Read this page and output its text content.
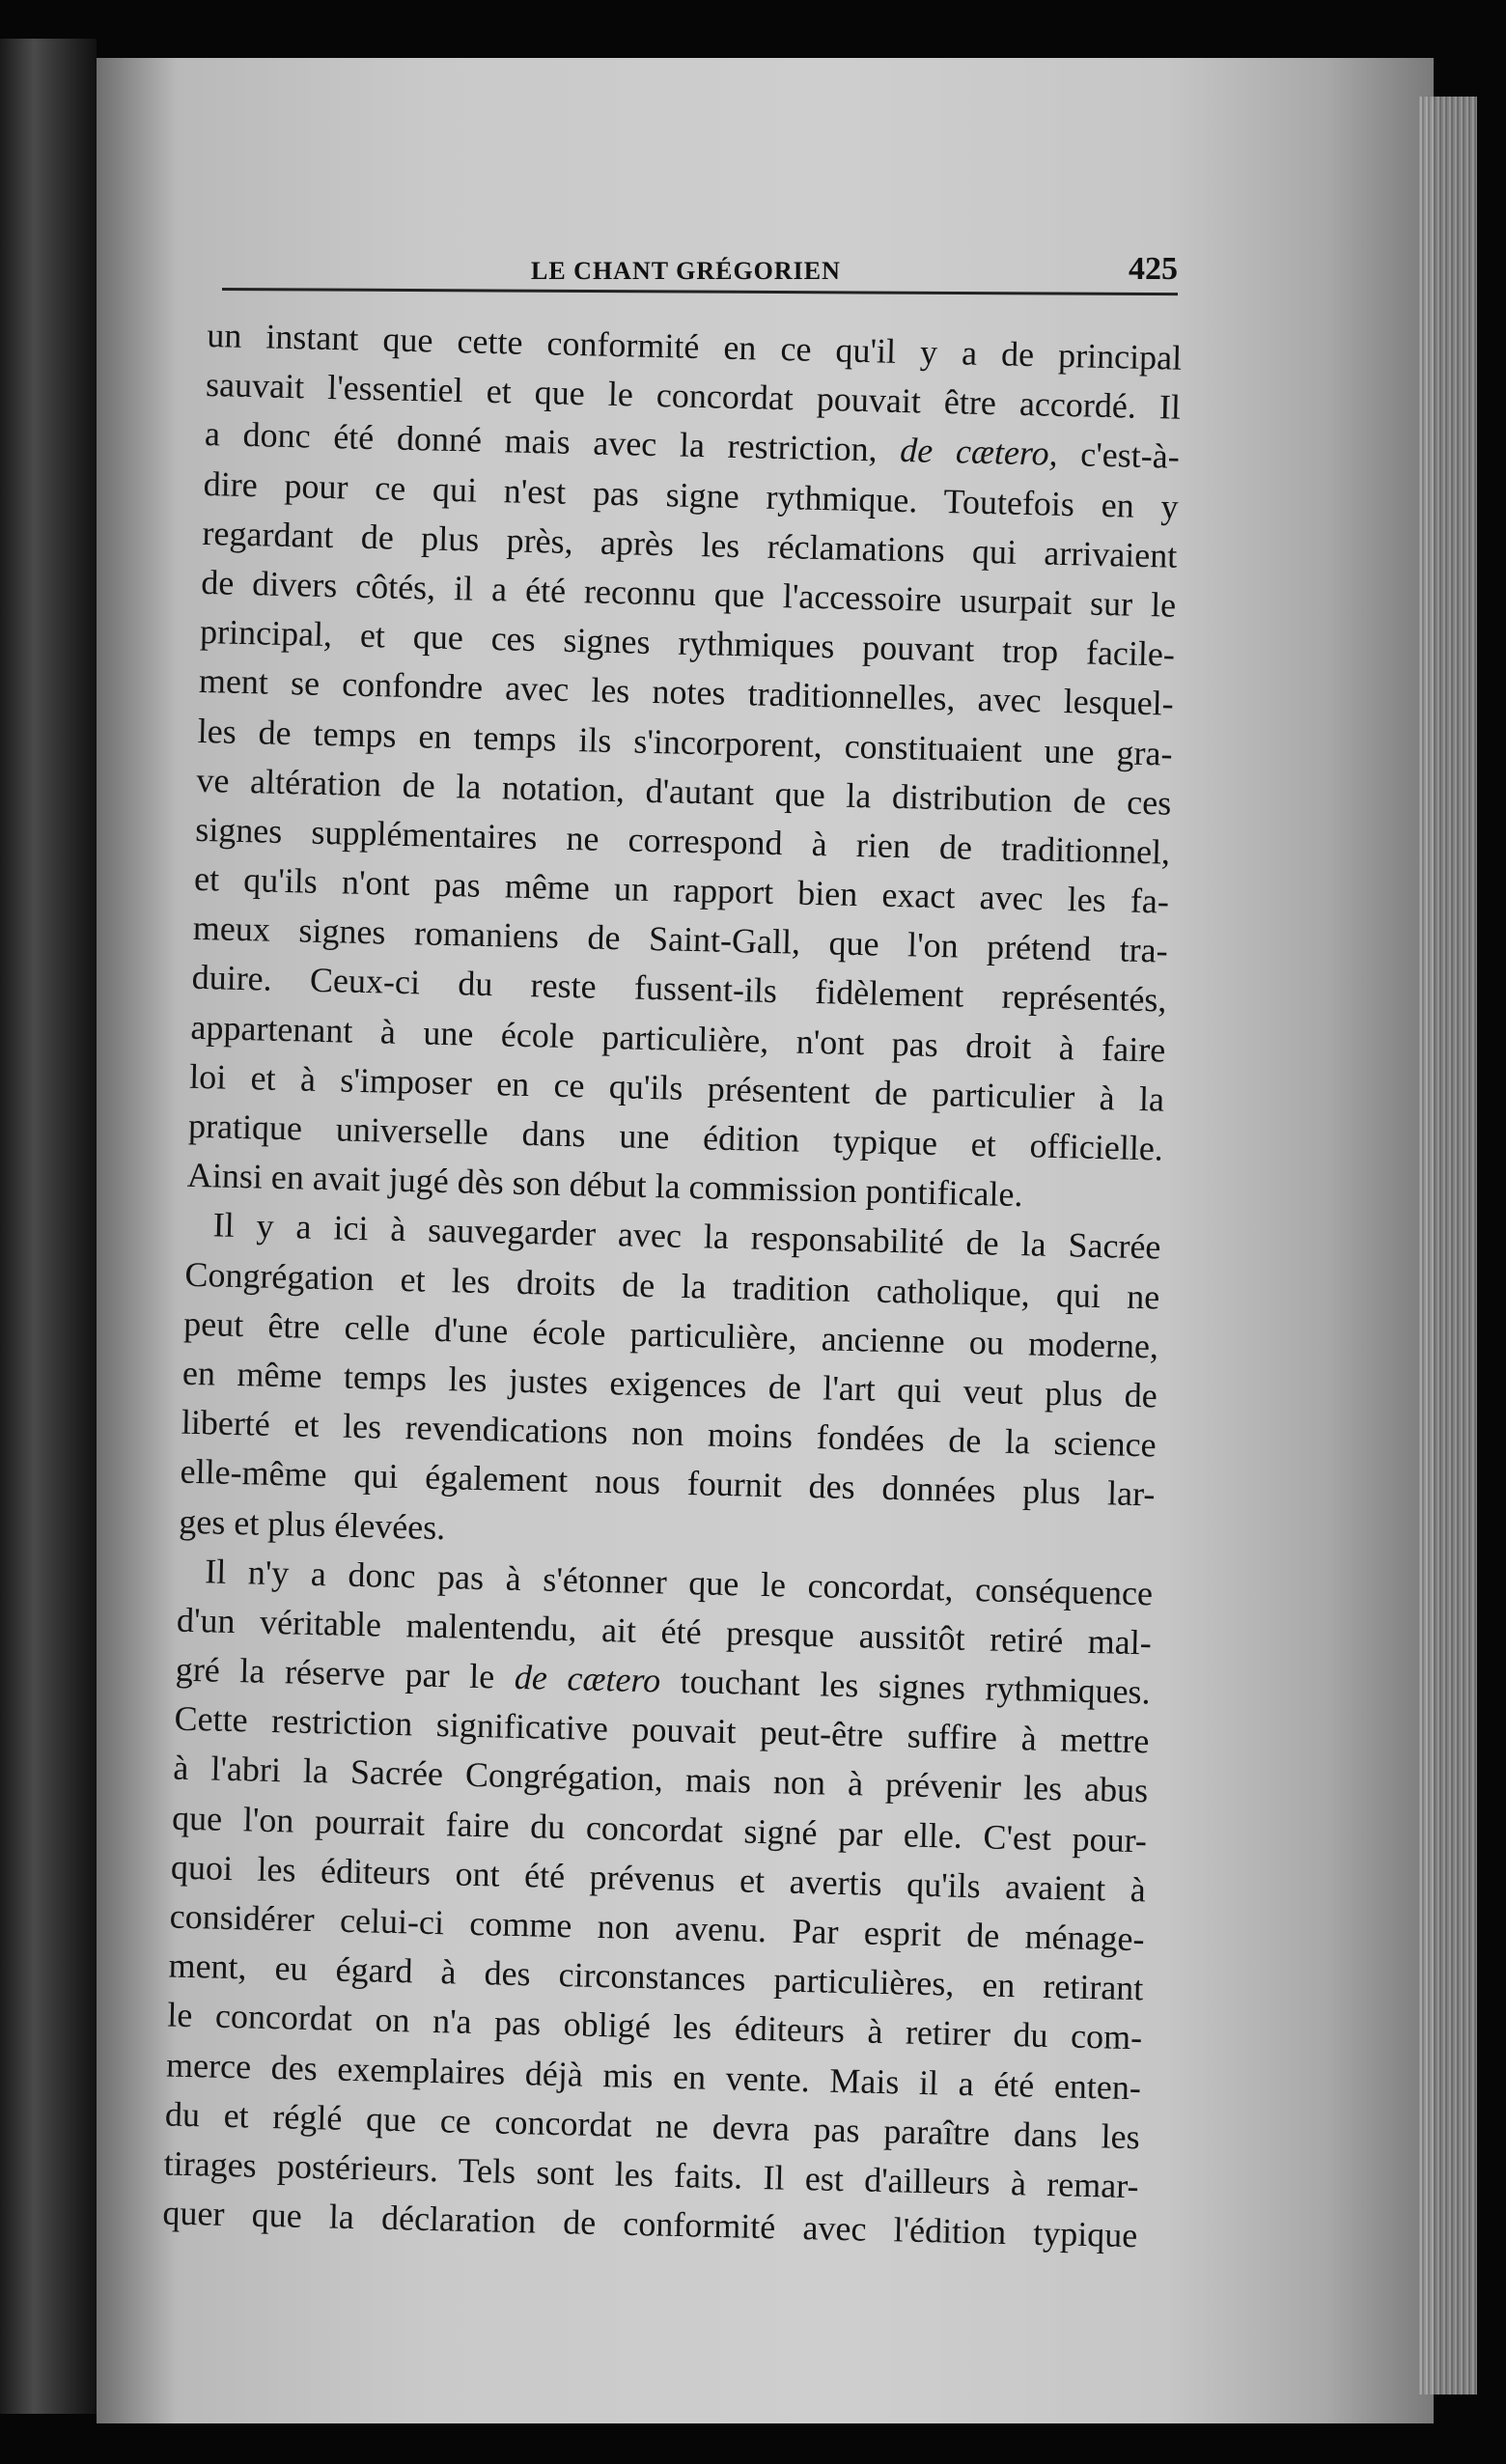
LE CHANT GRÉGORIEN	425
un instant que cette conformité en ce qu'il y a de principal
sauvait l'essentiel et que le concordat pouvait être accordé. Il
a donc été donné mais avec la restriction, de cætero, c'est-à-
dire pour ce qui n'est pas signe rythmique. Toutefois en y
regardant de plus près, après les réclamations qui arrivaient
de divers côtés, il a été reconnu que l'accessoire usurpait sur le
principal, et que ces signes rythmiques pouvant trop facile-
ment se confondre avec les notes traditionnelles, avec lesquel-
les de temps en temps ils s'incorporent, constituaient une gra-
ve altération de la notation, d'autant que la distribution de ces
signes supplémentaires ne correspond à rien de traditionnel,
et qu'ils n'ont pas même un rapport bien exact avec les fa-
meux signes romaniens de Saint-Gall, que l'on prétend tra-
duire. Ceux-ci du reste fussent-ils fidèlement représentés,
appartenant à une école particulière, n'ont pas droit à faire
loi et à s'imposer en ce qu'ils présentent de particulier à la
pratique universelle dans une édition typique et officielle.
Ainsi en avait jugé dès son début la commission pontificale.
Il y a ici à sauvegarder avec la responsabilité de la Sacrée
Congrégation et les droits de la tradition catholique, qui ne
peut être celle d'une école particulière, ancienne ou moderne,
en même temps les justes exigences de l'art qui veut plus de
liberté et les revendications non moins fondées de la science
elle-même qui également nous fournit des données plus lar-
ges et plus élevées.
Il n'y a donc pas à s'étonner que le concordat, conséquence
d'un véritable malentendu, ait été presque aussitôt retiré mal-
gré la réserve par le de cætero touchant les signes rythmiques.
Cette restriction significative pouvait peut-être suffire à mettre
à l'abri la Sacrée Congrégation, mais non à prévenir les abus
que l'on pourrait faire du concordat signé par elle. C'est pour-
quoi les éditeurs ont été prévenus et avertis qu'ils avaient à
considérer celui-ci comme non avenu. Par esprit de ménage-
ment, eu égard à des circonstances particulières, en retirant
le concordat on n'a pas obligé les éditeurs à retirer du com-
merce des exemplaires déjà mis en vente. Mais il a été enten-
du et réglé que ce concordat ne devra pas paraître dans les
tirages postérieurs. Tels sont les faits. Il est d'ailleurs à remar-
quer que la déclaration de conformité avec l'édition typique
